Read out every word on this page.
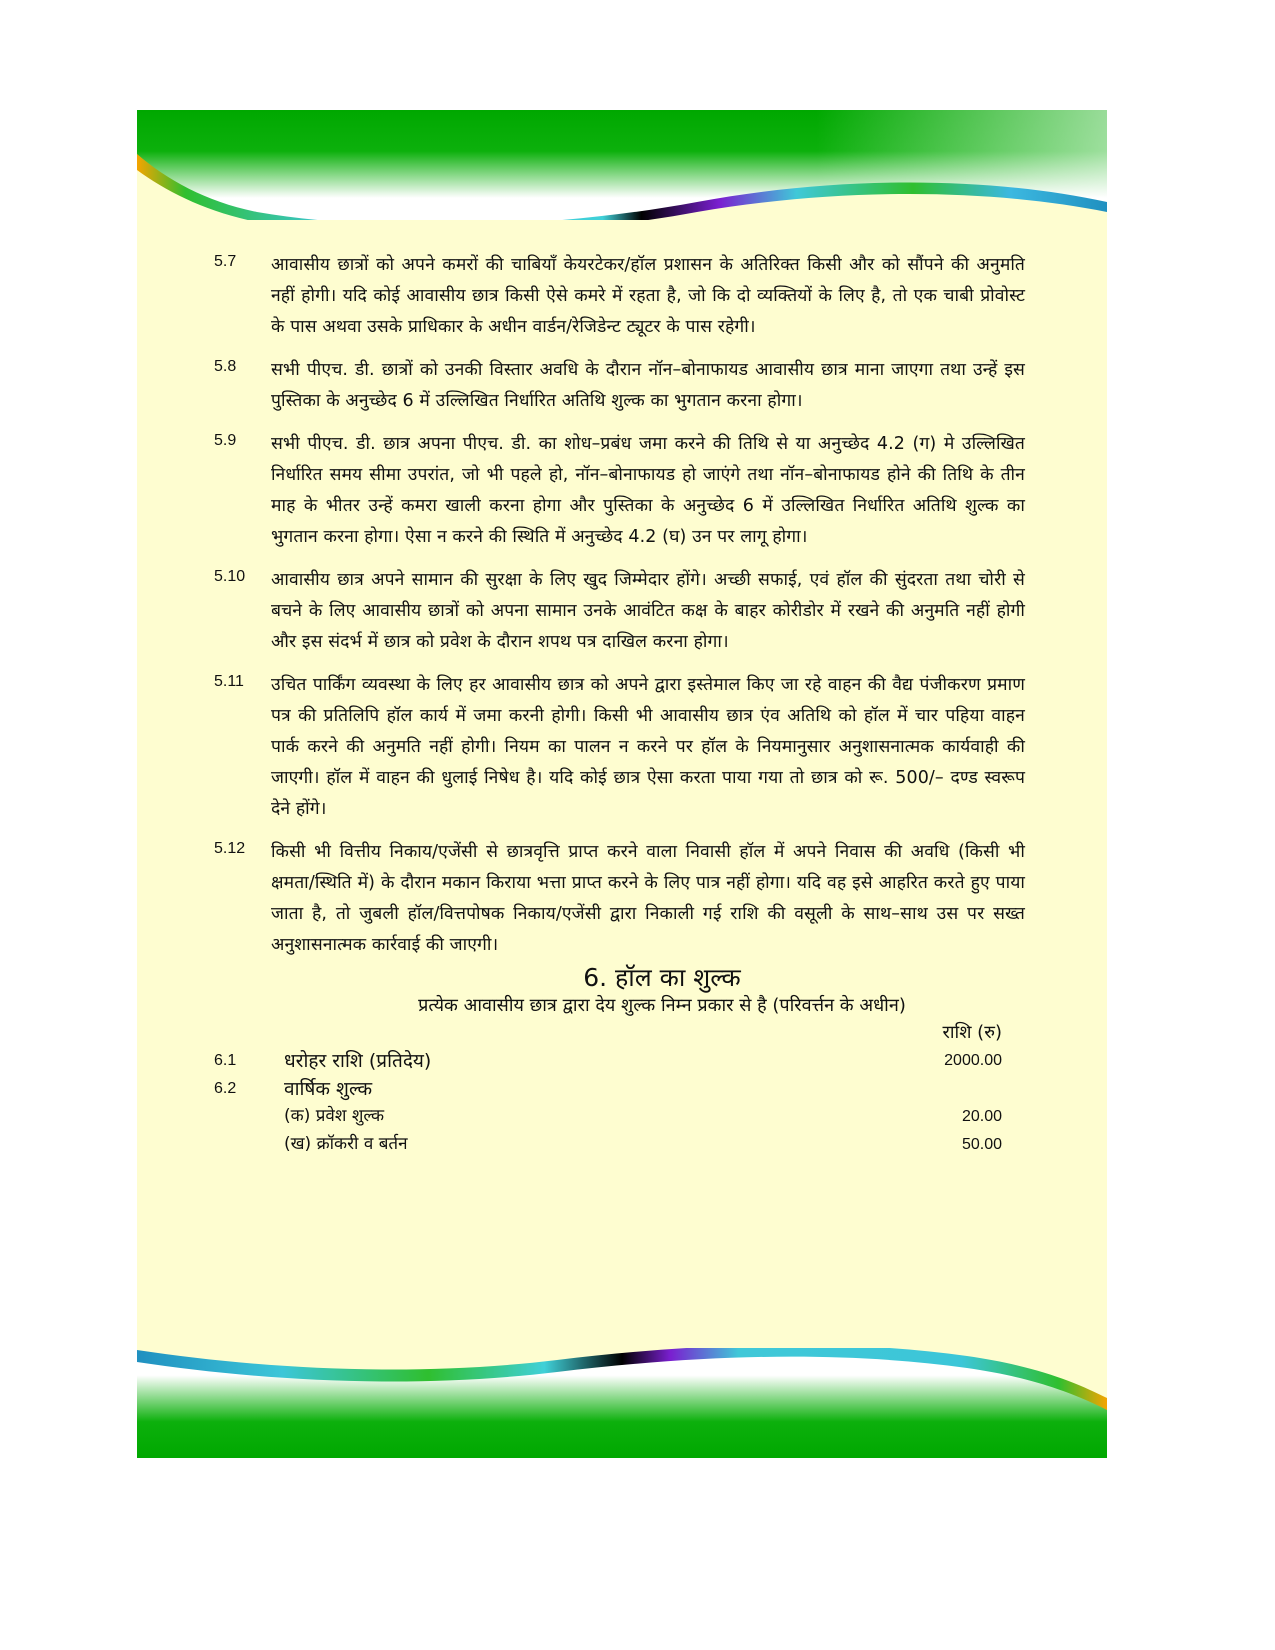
5.7 आवासीय छात्रों को अपने कमरों की चाबियाँ केयरटेकर/हॉल प्रशासन के अतिरिक्त किसी और को सौंपने की अनुमति नहीं होगी। यदि कोई आवासीय छात्र किसी ऐसे कमरे में रहता है, जो कि दो व्यक्तियों के लिए है, तो एक चाबी प्रोवोस्ट के पास अथवा उसके प्राधिकार के अधीन वार्डन/रेजिडेन्ट ट्यूटर के पास रहेगी।
5.8 सभी पीएच. डी. छात्रों को उनकी विस्तार अवधि के दौरान नॉन–बोनाफायड आवासीय छात्र माना जाएगा तथा उन्हें इस पुस्तिका के अनुच्छेद 6 में उल्लिखित निर्धारित अतिथि शुल्क का भुगतान करना होगा।
5.9 सभी पीएच. डी. छात्र अपना पीएच. डी. का शोध–प्रबंध जमा करने की तिथि से या अनुच्छेद 4.2 (ग) मे उल्लिखित निर्धारित समय सीमा उपरांत, जो भी पहले हो, नॉन–बोनाफायड हो जाएंगे तथा नॉन–बोनाफायड होने की तिथि के तीन माह के भीतर उन्हें कमरा खाली करना होगा और पुस्तिका के अनुच्छेद 6 में उल्लिखित निर्धारित अतिथि शुल्क का भुगतान करना होगा। ऐसा न करने की स्थिति में अनुच्छेद 4.2 (घ) उन पर लागू होगा।
5.10 आवासीय छात्र अपने सामान की सुरक्षा के लिए खुद जिम्मेदार होंगे। अच्छी सफाई, एवं हॉल की सुंदरता तथा चोरी से बचने के लिए आवासीय छात्रों को अपना सामान उनके आवंटित कक्ष के बाहर कोरीडोर में रखने की अनुमति नहीं होगी और इस संदर्भ में छात्र को प्रवेश के दौरान शपथ पत्र दाखिल करना होगा।
5.11 उचित पार्किंग व्यवस्था के लिए हर आवासीय छात्र को अपने द्वारा इस्तेमाल किए जा रहे वाहन की वैद्य पंजीकरण प्रमाण पत्र की प्रतिलिपि हॉल कार्य में जमा करनी होगी। किसी भी आवासीय छात्र एंव अतिथि को हॉल में चार पहिया वाहन पार्क करने की अनुमति नहीं होगी। नियम का पालन न करने पर हॉल के नियमानुसार अनुशासनात्मक कार्यवाही की जाएगी। हॉल में वाहन की धुलाई निषेध है। यदि कोई छात्र ऐसा करता पाया गया तो छात्र को रू. 500/– दण्ड स्वरूप देने होंगे।
5.12 किसी भी वित्तीय निकाय/एजेंसी से छात्रवृत्ति प्राप्त करने वाला निवासी हॉल में अपने निवास की अवधि (किसी भी क्षमता/स्थिति में) के दौरान मकान किराया भत्ता प्राप्त करने के लिए पात्र नहीं होगा। यदि वह इसे आहरित करते हुए पाया जाता है, तो जुबली हॉल/वित्तपोषक निकाय/एजेंसी द्वारा निकाली गई राशि की वसूली के साथ–साथ उस पर सख्त अनुशासनात्मक कार्रवाई की जाएगी।
6. हॉल का शुल्क
प्रत्येक आवासीय छात्र द्वारा देय शुल्क निम्न प्रकार से है (परिवर्त्तन के अधीन)
राशि (रु)
6.1	धरोहर राशि (प्रतिदेय)	2000.00
6.2	वार्षिक शुल्क
(क) प्रवेश शुल्क	20.00
(ख) क्रॉकरी व बर्तन	50.00
